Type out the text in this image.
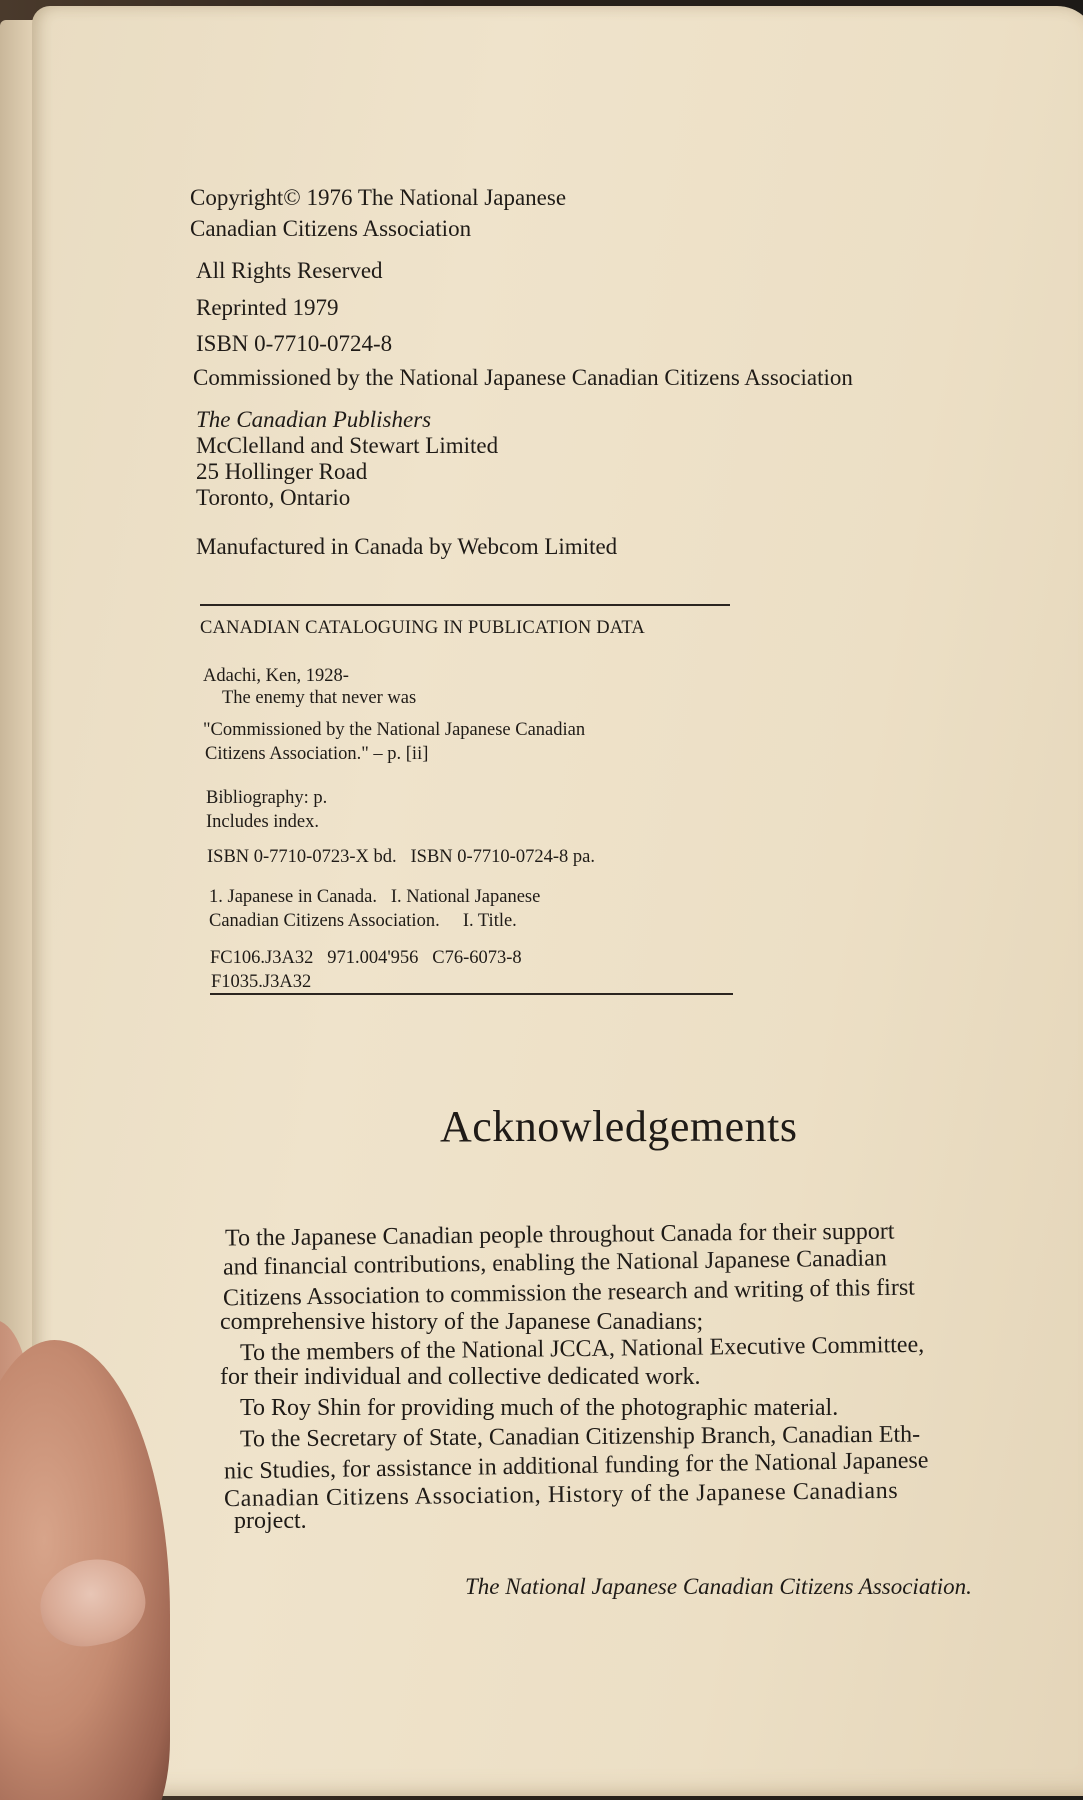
Copyright© 1976 The National Japanese
Canadian Citizens Association
All Rights Reserved
Reprinted 1979
ISBN 0-7710-0724-8
Commissioned by the National Japanese Canadian Citizens Association
The Canadian Publishers
McClelland and Stewart Limited
25 Hollinger Road
Toronto, Ontario
Manufactured in Canada by Webcom Limited
CANADIAN CATALOGUING IN PUBLICATION DATA
Adachi, Ken, 1928-
The enemy that never was
"Commissioned by the National Japanese Canadian
Citizens Association." – p. [ii]
Bibliography: p.
Includes index.
ISBN 0-7710-0723-X bd.   ISBN 0-7710-0724-8 pa.
1. Japanese in Canada.   I. National Japanese
Canadian Citizens Association.     I. Title.
FC106.J3A32   971.004'956   C76-6073-8
F1035.J3A32
Acknowledgements
To the Japanese Canadian people throughout Canada for their support
and financial contributions, enabling the National Japanese Canadian
Citizens Association to commission the research and writing of this first
comprehensive history of the Japanese Canadians;
To the members of the National JCCA, National Executive Committee,
for their individual and collective dedicated work.
To Roy Shin for providing much of the photographic material.
To the Secretary of State, Canadian Citizenship Branch, Canadian Eth-
nic Studies, for assistance in additional funding for the National Japanese
Canadian Citizens Association, History of the Japanese Canadians
project.
The National Japanese Canadian Citizens Association.
